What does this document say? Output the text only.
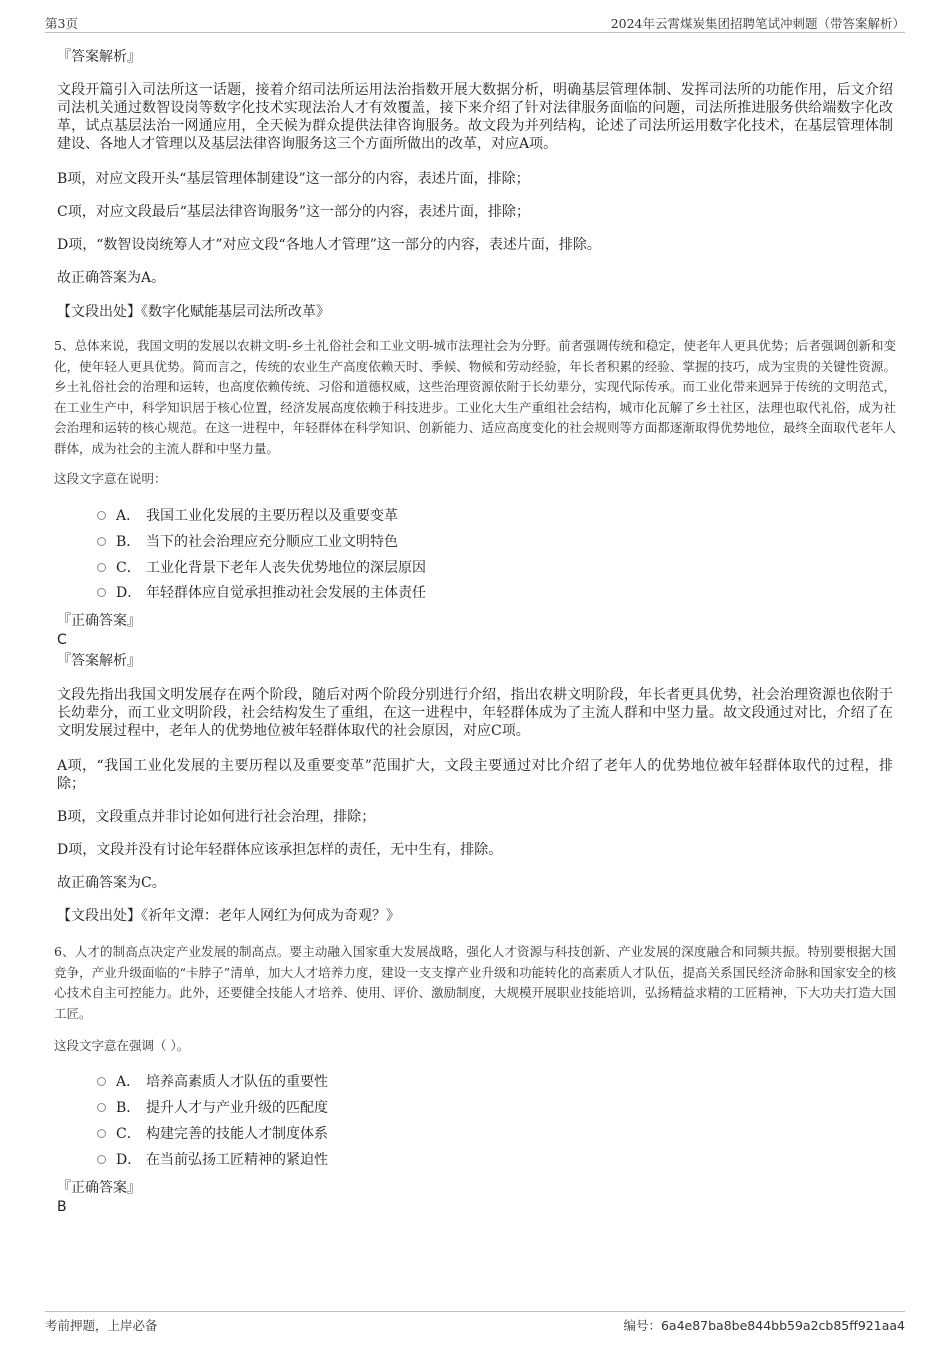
第3页	2024年云霄煤炭集团招聘笔试冲刺题（带答案解析）
『答案解析』
文段开篇引入司法所这一话题，接着介绍司法所运用法治指数开展大数据分析，明确基层管理体制、发挥司法所的功能作用，后文介绍司法机关通过数智设岗等数字化技术实现法治人才有效覆盖，接下来介绍了针对法律服务面临的问题，司法所推进服务供给端数字化改革，试点基层法治一网通应用，全天候为群众提供法律咨询服务。故文段为并列结构，论述了司法所运用数字化技术，在基层管理体制建设、各地人才管理以及基层法律咨询服务这三个方面所做出的改革，对应A项。
B项，对应文段开头“基层管理体制建设”这一部分的内容，表述片面，排除；
C项，对应文段最后“基层法律咨询服务”这一部分的内容，表述片面，排除；
D项，“数智设岗统筹人才”对应文段“各地人才管理”这一部分的内容，表述片面，排除。
故正确答案为A。
【文段出处】《数字化赋能基层司法所改革》
5、总体来说，我国文明的发展以农耕文明-乡土礼俗社会和工业文明-城市法理社会为分野。前者强调传统和稳定，使老年人更具优势；后者强调创新和变化，使年轻人更具优势。简而言之，传统的农业生产高度依赖天时、季候、物候和劳动经验，年长者积累的经验、掌握的技巧，成为宝贵的关键性资源。乡土礼俗社会的治理和运转，也高度依赖传统、习俗和道德权威，这些治理资源依附于长幼辈分，实现代际传承。而工业化带来迥异于传统的文明范式，在工业生产中，科学知识居于核心位置，经济发展高度依赖于科技进步。工业化大生产重组社会结构，城市化瓦解了乡土社区，法理也取代礼俗，成为社会治理和运转的核心规范。在这一进程中，年轻群体在科学知识、创新能力、适应高度变化的社会规则等方面都逐渐取得优势地位，最终全面取代老年人群体，成为社会的主流人群和中坚力量。
这段文字意在说明：
A． 我国工业化发展的主要历程以及重要变革
B． 当下的社会治理应充分顺应工业文明特色
C． 工业化背景下老年人丧失优势地位的深层原因
D． 年轻群体应自觉承担推动社会发展的主体责任
『正确答案』
C
『答案解析』
文段先指出我国文明发展存在两个阶段，随后对两个阶段分别进行介绍，指出农耕文明阶段，年长者更具优势，社会治理资源也依附于长幼辈分，而工业文明阶段，社会结构发生了重组，在这一进程中，年轻群体成为了主流人群和中坚力量。故文段通过对比，介绍了在文明发展过程中，老年人的优势地位被年轻群体取代的社会原因，对应C项。
A项，“我国工业化发展的主要历程以及重要变革”范围扩大，文段主要通过对比介绍了老年人的优势地位被年轻群体取代的过程，排除；
B项，文段重点并非讨论如何进行社会治理，排除；
D项，文段并没有讨论年轻群体应该承担怎样的责任，无中生有，排除。
故正确答案为C。
【文段出处】《祈年文潭：老年人网红为何成为奇观？》
6、人才的制高点决定产业发展的制高点。要主动融入国家重大发展战略，强化人才资源与科技创新、产业发展的深度融合和同频共振。特别要根据大国竞争，产业升级面临的“卡脖子”清单，加大人才培养力度，建设一支支撑产业升级和功能转化的高素质人才队伍，提高关系国民经济命脉和国家安全的核心技术自主可控能力。此外，还要健全技能人才培养、使用、评价、激励制度，大规模开展职业技能培训，弘扬精益求精的工匠精神，下大功夫打造大国工匠。
这段文字意在强调（ ）。
A． 培养高素质人才队伍的重要性
B． 提升人才与产业升级的匹配度
C． 构建完善的技能人才制度体系
D． 在当前弘扬工匠精神的紧迫性
『正确答案』
B
考前押题，上岸必备	编号：6a4e87ba8be844bb59a2cb85ff921aa4
